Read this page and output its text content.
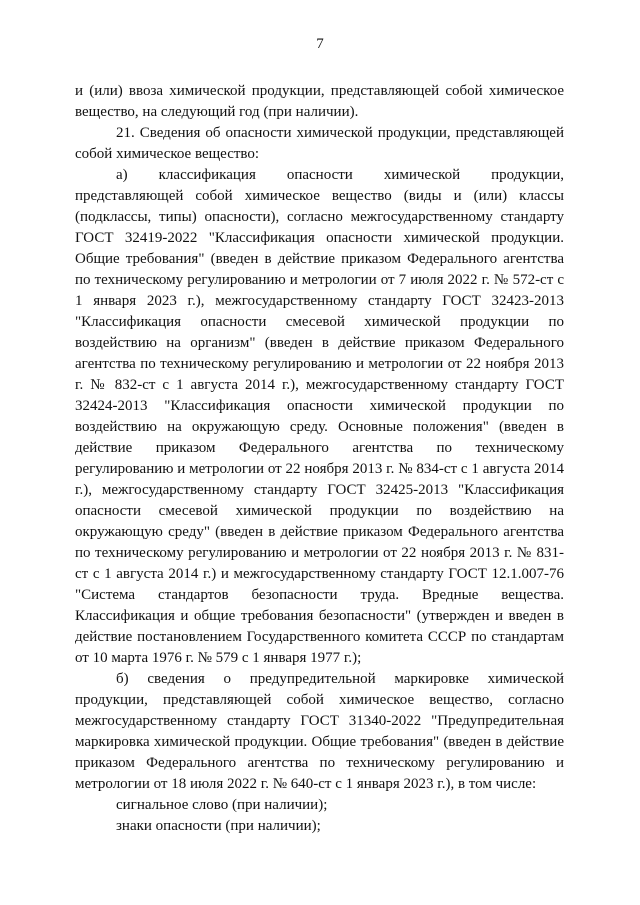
7

и (или) ввоза химической продукции, представляющей собой химическое вещество, на следующий год (при наличии).

21. Сведения об опасности химической продукции, представляющей собой химическое вещество:

а) классификация опасности химической продукции, представляющей собой химическое вещество (виды и (или) классы (подклассы, типы) опасности), согласно межгосударственному стандарту ГОСТ 32419-2022 "Классификация опасности химической продукции. Общие требования" (введен в действие приказом Федерального агентства по техническому регулированию и метрологии от 7 июля 2022 г. № 572-ст с 1 января 2023 г.), межгосударственному стандарту ГОСТ 32423-2013 "Классификация опасности смесевой химической продукции по воздействию на организм" (введен в действие приказом Федерального агентства по техническому регулированию и метрологии от 22 ноября 2013 г. № 832-ст с 1 августа 2014 г.), межгосударственному стандарту ГОСТ 32424-2013 "Классификация опасности химической продукции по воздействию на окружающую среду. Основные положения" (введен в действие приказом Федерального агентства по техническому регулированию и метрологии от 22 ноября 2013 г. № 834-ст с 1 августа 2014 г.), межгосударственному стандарту ГОСТ 32425-2013 "Классификация опасности смесевой химической продукции по воздействию на окружающую среду" (введен в действие приказом Федерального агентства по техническому регулированию и метрологии от 22 ноября 2013 г. № 831-ст с 1 августа 2014 г.) и межгосударственному стандарту ГОСТ 12.1.007-76 "Система стандартов безопасности труда. Вредные вещества. Классификация и общие требования безопасности" (утвержден и введен в действие постановлением Государственного комитета СССР по стандартам от 10 марта 1976 г. № 579 с 1 января 1977 г.);

б) сведения о предупредительной маркировке химической продукции, представляющей собой химическое вещество, согласно межгосударственному стандарту ГОСТ 31340-2022 "Предупредительная маркировка химической продукции. Общие требования" (введен в действие приказом Федерального агентства по техническому регулированию и метрологии от 18 июля 2022 г. № 640-ст с 1 января 2023 г.), в том числе:

сигнальное слово (при наличии);

знаки опасности (при наличии);
